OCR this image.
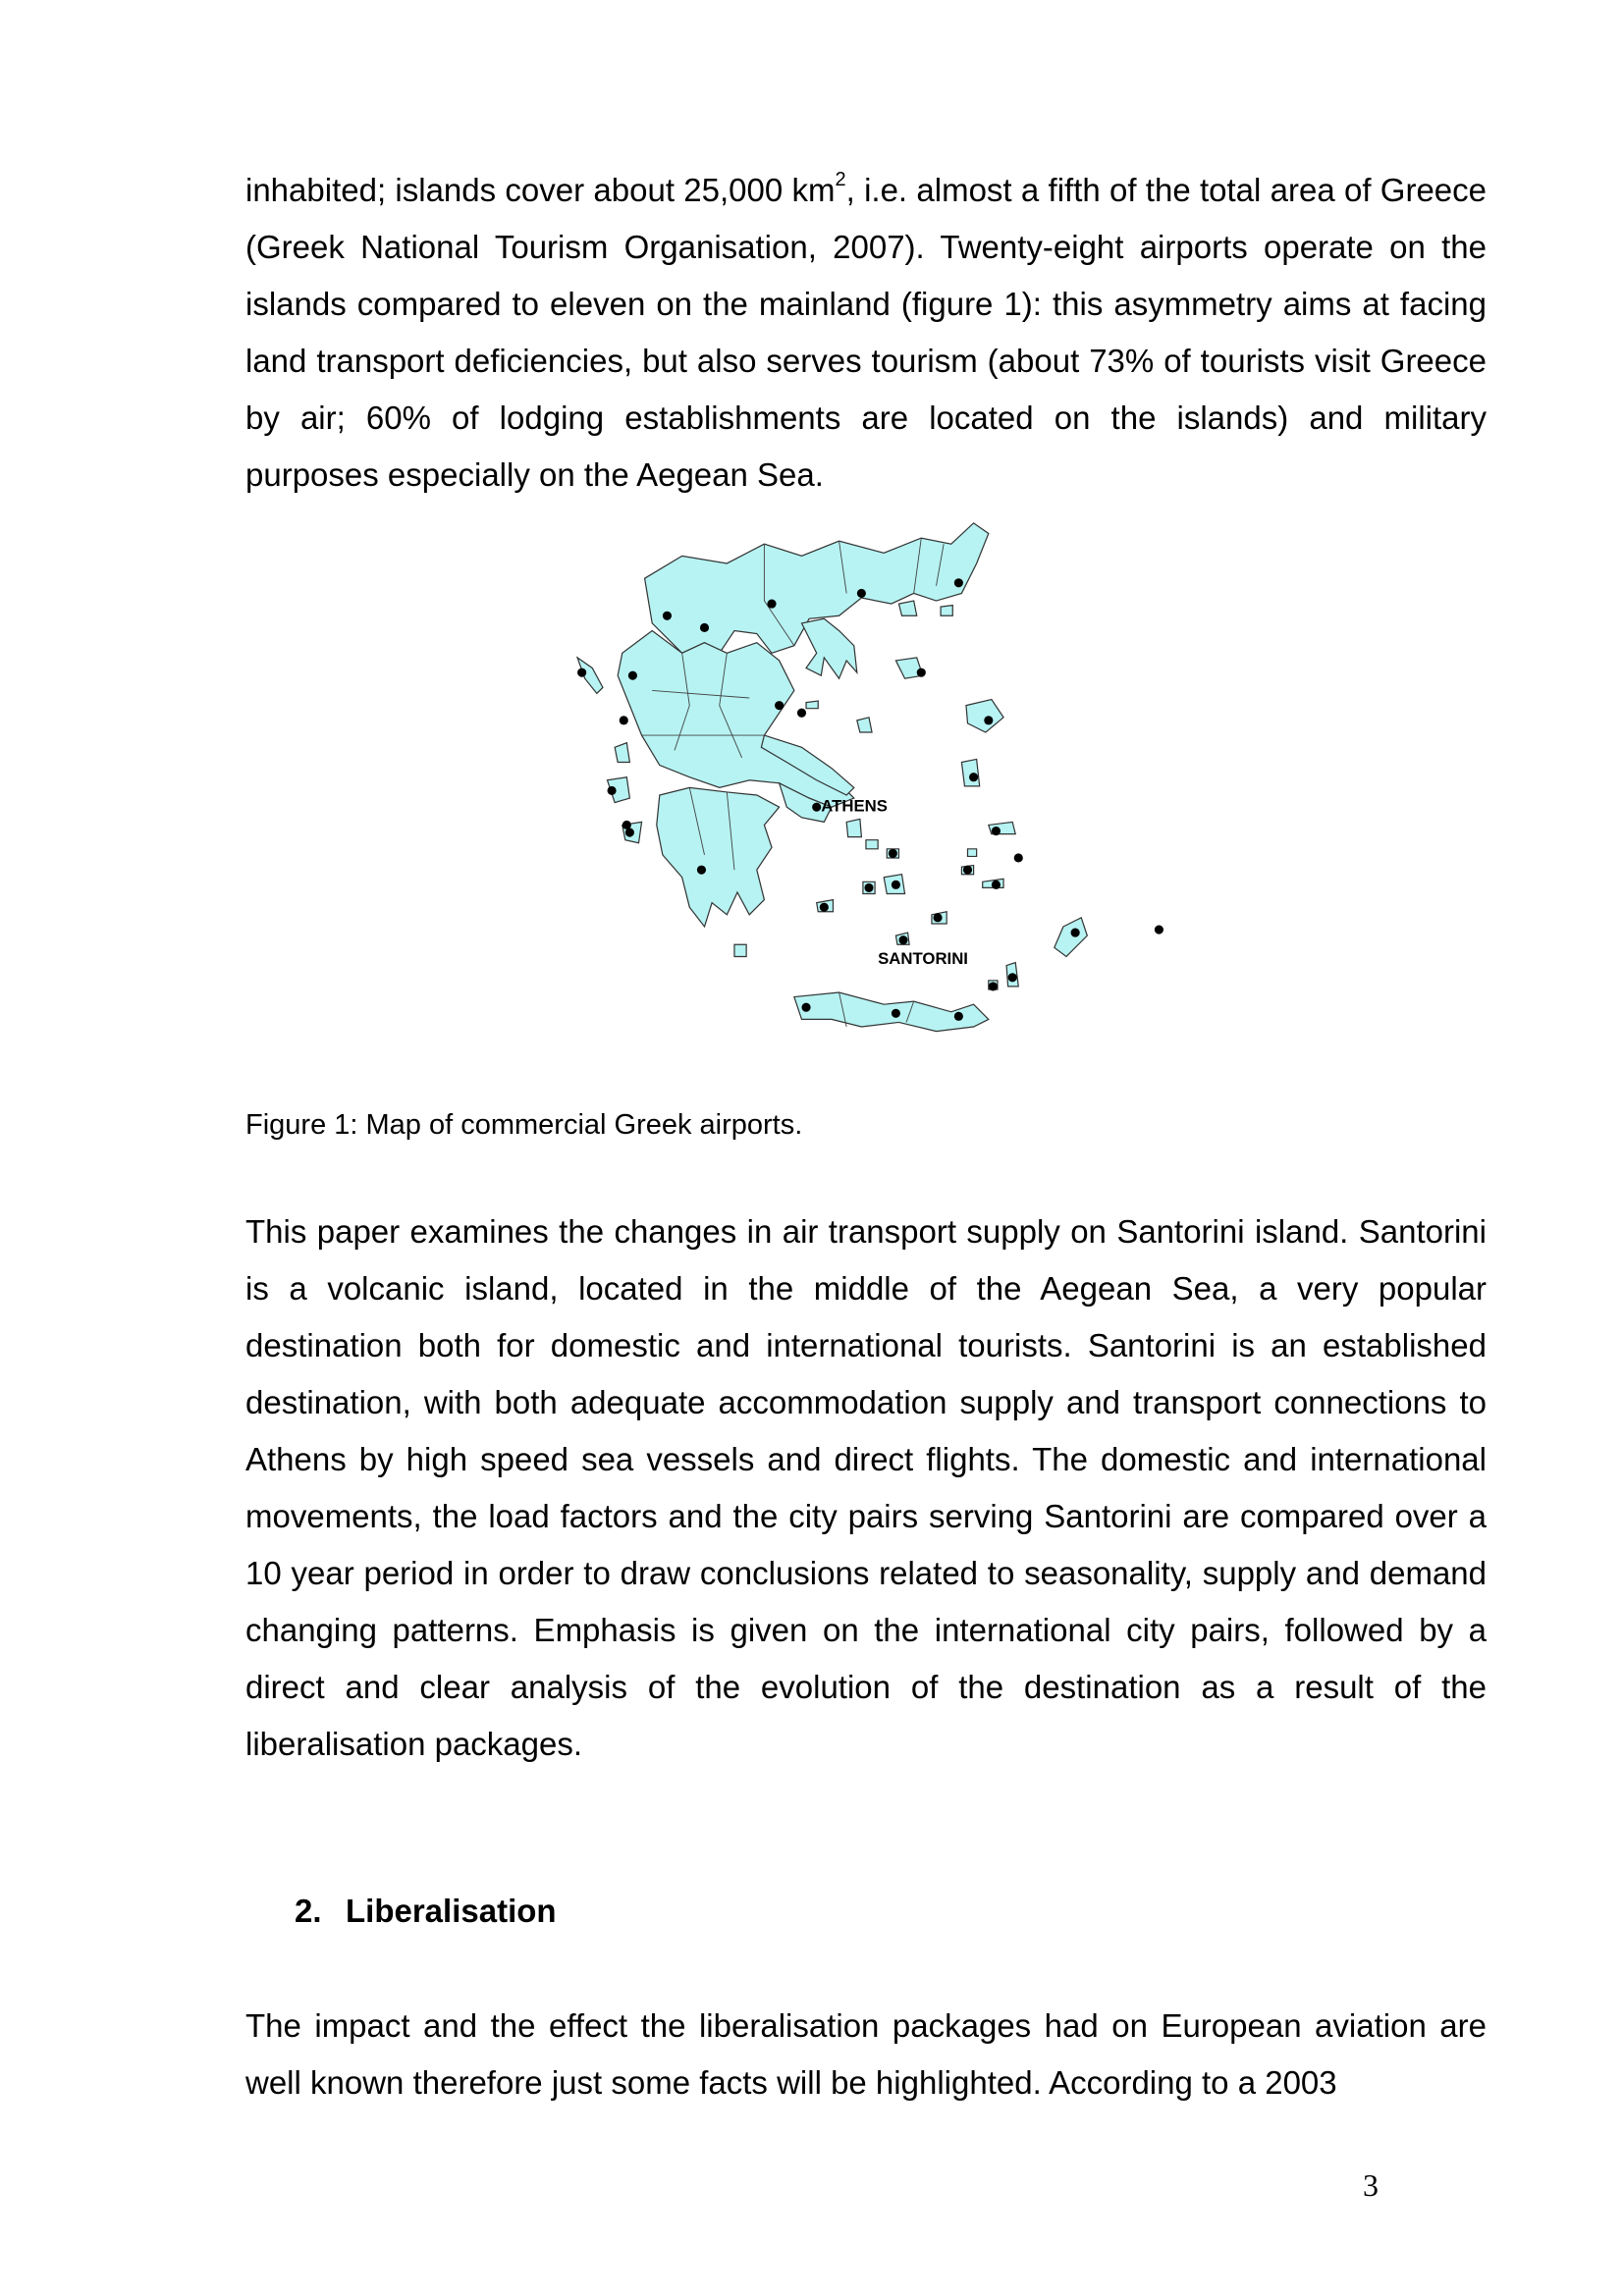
inhabited; islands cover about 25,000 $km^2$, i.e. almost a fifth of the total area of Greece (Greek National Tourism Organisation, 2007). Twenty-eight airports operate on the islands compared to eleven on the mainland (figure 1): this asymmetry aims at facing land transport deficiencies, but also serves tourism (about 73% of tourists visit Greece by air; 60% of lodging establishments are located on the islands) and military purposes especially on the Aegean Sea.

ATHENS
SANTORINI

Figure 1: Map of commercial Greek airports.

This paper examines the changes in air transport supply on Santorini island. Santorini is a volcanic island, located in the middle of the Aegean Sea, a very popular destination both for domestic and international tourists. Santorini is an established destination, with both adequate accommodation supply and transport connections to Athens by high speed sea vessels and direct flights. The domestic and international movements, the load factors and the city pairs serving Santorini are compared over a 10 year period in order to draw conclusions related to seasonality, supply and demand changing patterns. Emphasis is given on the international city pairs, followed by a direct and clear analysis of the evolution of the destination as a result of the liberalisation packages.

2. Liberalisation

The impact and the effect the liberalisation packages had on European aviation are well known therefore just some facts will be highlighted. According to a 2003

3
